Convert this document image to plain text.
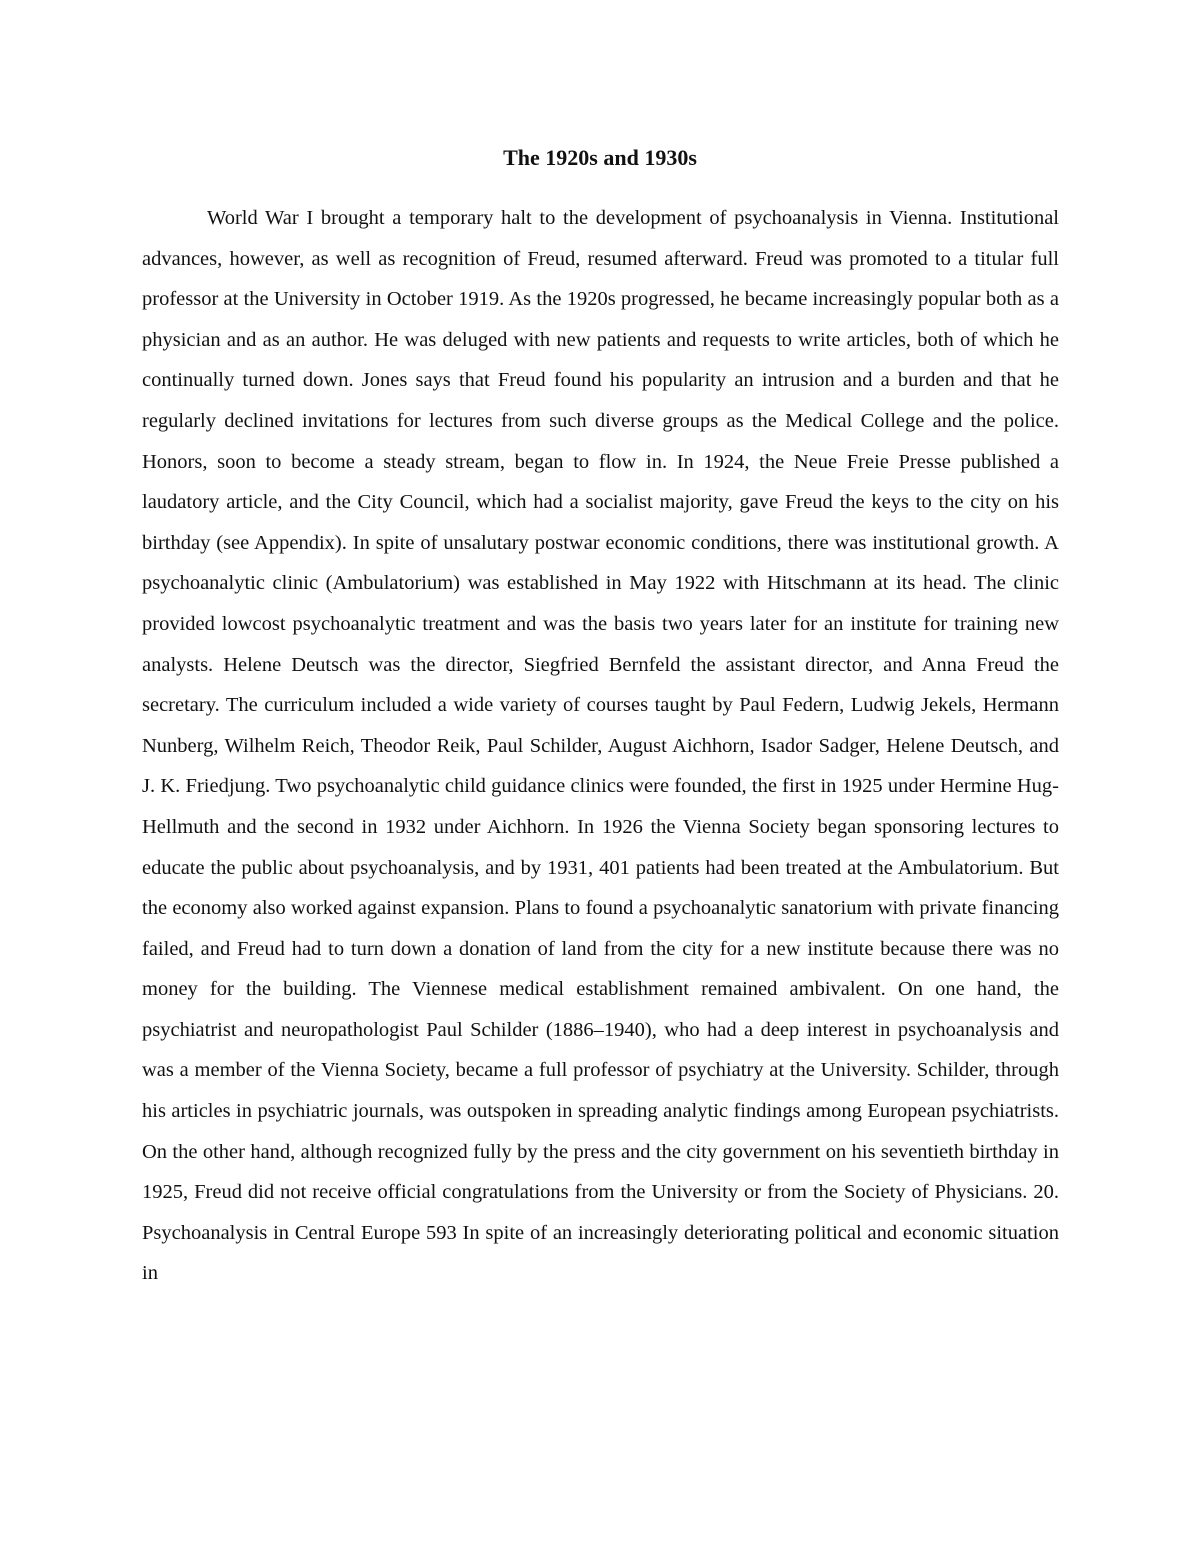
The 1920s and 1930s

World War I brought a temporary halt to the development of psychoanalysis in Vienna. Institutional advances, however, as well as recognition of Freud, resumed afterward. Freud was promoted to a titular full professor at the University in October 1919. As the 1920s progressed, he became increasingly popular both as a physician and as an author. He was deluged with new patients and requests to write articles, both of which he continually turned down. Jones says that Freud found his popularity an intrusion and a burden and that he regularly declined invitations for lectures from such diverse groups as the Medical College and the police. Honors, soon to become a steady stream, began to flow in. In 1924, the Neue Freie Presse published a laudatory article, and the City Council, which had a socialist majority, gave Freud the keys to the city on his birthday (see Appendix). In spite of unsalutary postwar economic conditions, there was institutional growth. A psychoanalytic clinic (Ambulatorium) was established in May 1922 with Hitschmann at its head. The clinic provided lowcost psychoanalytic treatment and was the basis two years later for an institute for training new analysts. Helene Deutsch was the director, Siegfried Bernfeld the assistant director, and Anna Freud the secretary. The curriculum included a wide variety of courses taught by Paul Federn, Ludwig Jekels, Hermann Nunberg, Wilhelm Reich, Theodor Reik, Paul Schilder, August Aichhorn, Isador Sadger, Helene Deutsch, and J. K. Friedjung. Two psychoanalytic child guidance clinics were founded, the first in 1925 under Hermine Hug-Hellmuth and the second in 1932 under Aichhorn. In 1926 the Vienna Society began sponsoring lectures to educate the public about psychoanalysis, and by 1931, 401 patients had been treated at the Ambulatorium. But the economy also worked against expansion. Plans to found a psychoanalytic sanatorium with private financing failed, and Freud had to turn down a donation of land from the city for a new institute because there was no money for the building. The Viennese medical establishment remained ambivalent. On one hand, the psychiatrist and neuropathologist Paul Schilder (1886–1940), who had a deep interest in psychoanalysis and was a member of the Vienna Society, became a full professor of psychiatry at the University. Schilder, through his articles in psychiatric journals, was outspoken in spreading analytic findings among European psychiatrists. On the other hand, although recognized fully by the press and the city government on his seventieth birthday in 1925, Freud did not receive official congratulations from the University or from the Society of Physicians. 20. Psychoanalysis in Central Europe 593 In spite of an increasingly deteriorating political and economic situation in
